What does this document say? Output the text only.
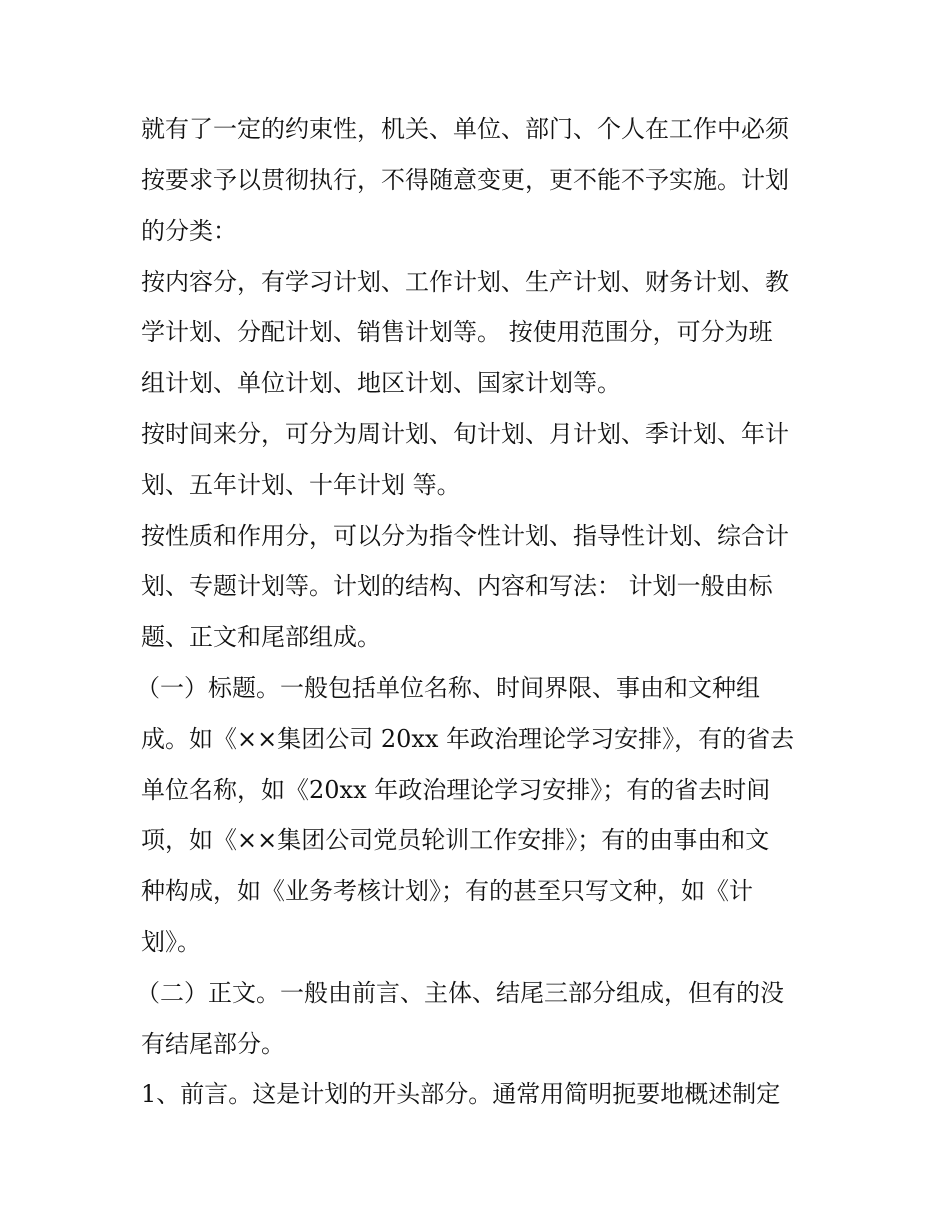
就有了一定的约束性，机关、单位、部门、个人在工作中必须
按要求予以贯彻执行，不得随意变更，更不能不予实施。计划
的分类：
按内容分，有学习计划、工作计划、生产计划、财务计划、教
学计划、分配计划、销售计划等。 按使用范围分，可分为班
组计划、单位计划、地区计划、国家计划等。
按时间来分，可分为周计划、旬计划、月计划、季计划、年计
划、五年计划、十年计划 等。
按性质和作用分，可以分为指令性计划、指导性计划、综合计
划、专题计划等。计划的结构、内容和写法： 计划一般由标
题、正文和尾部组成。
（一）标题。一般包括单位名称、时间界限、事由和文种组
成。如《××集团公司 20xx 年政治理论学习安排》，有的省去
单位名称，如《20xx 年政治理论学习安排》；有的省去时间
项，如《××集团公司党员轮训工作安排》；有的由事由和文
种构成，如《业务考核计划》；有的甚至只写文种，如《计
划》。
（二）正文。一般由前言、主体、结尾三部分组成，但有的没
有结尾部分。
1、前言。这是计划的开头部分。通常用简明扼要地概述制定
